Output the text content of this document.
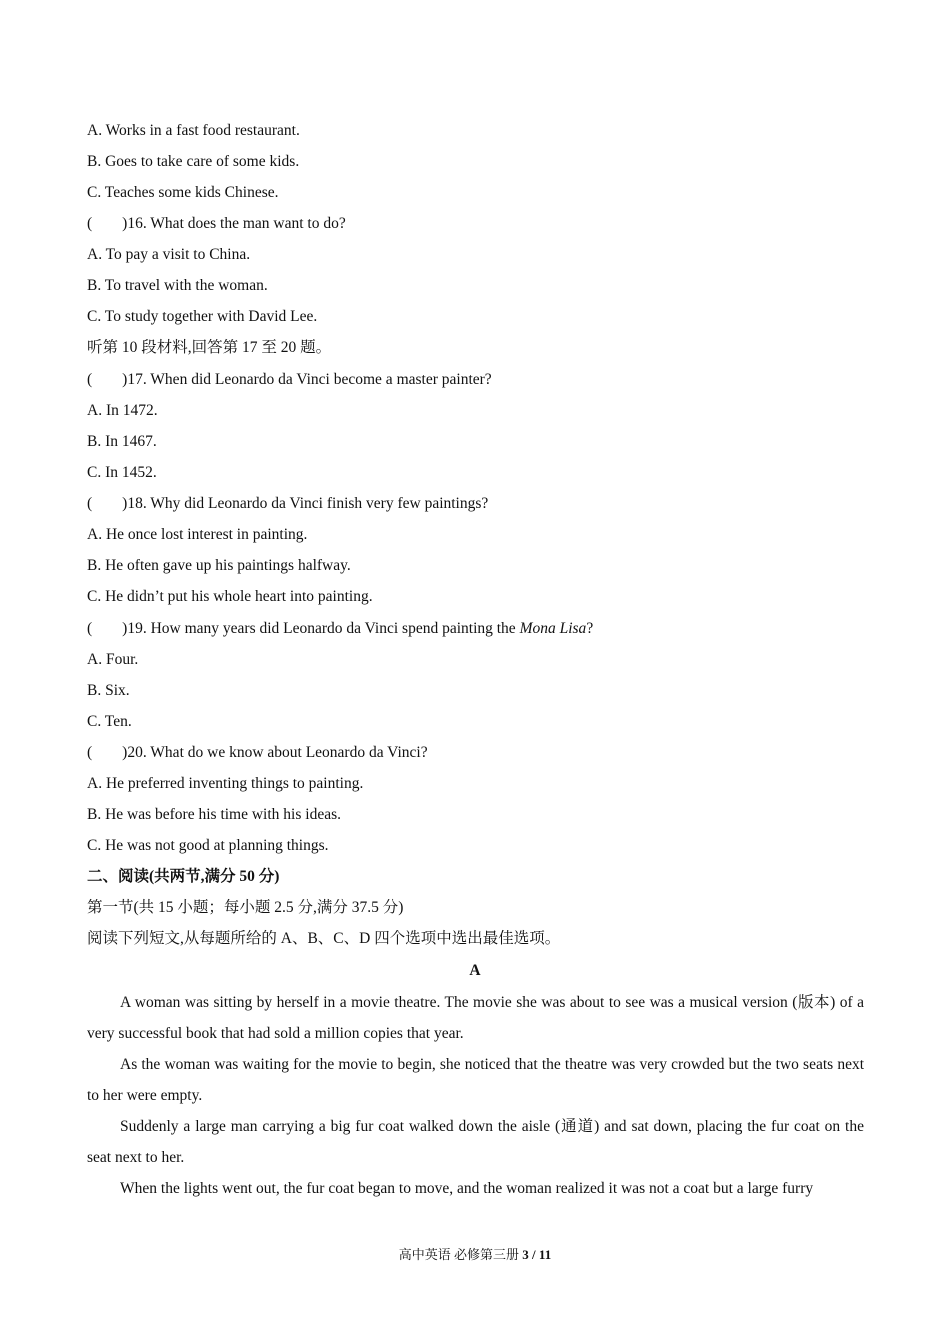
A. Works in a fast food restaurant.
B. Goes to take care of some kids.
C. Teaches some kids Chinese.
( )16. What does the man want to do?
A. To pay a visit to China.
B. To travel with the woman.
C. To study together with David Lee.
听第 10 段材料,回答第 17 至 20 题。
( )17. When did Leonardo da Vinci become a master painter?
A. In 1472.
B. In 1467.
C. In 1452.
( )18. Why did Leonardo da Vinci finish very few paintings?
A. He once lost interest in painting.
B. He often gave up his paintings halfway.
C. He didn’t put his whole heart into painting.
( )19. How many years did Leonardo da Vinci spend painting the Mona Lisa?
A. Four.
B. Six.
C. Ten.
( )20. What do we know about Leonardo da Vinci?
A. He preferred inventing things to painting.
B. He was before his time with his ideas.
C. He was not good at planning things.
二、阅读(共两节,满分 50 分)
第一节(共 15 小题；每小题 2.5 分,满分 37.5 分)
阅读下列短文,从每题所给的 A、B、C、D 四个选项中选出最佳选项。
A
A woman was sitting by herself in a movie theatre. The movie she was about to see was a musical version (版本) of a very successful book that had sold a million copies that year.
As the woman was waiting for the movie to begin, she noticed that the theatre was very crowded but the two seats next to her were empty.
Suddenly a large man carrying a big fur coat walked down the aisle (通道) and sat down, placing the fur coat on the seat next to her.
When the lights went out, the fur coat began to move, and the woman realized it was not a coat but a large furry
高中英语 必修第三册 3 / 11
